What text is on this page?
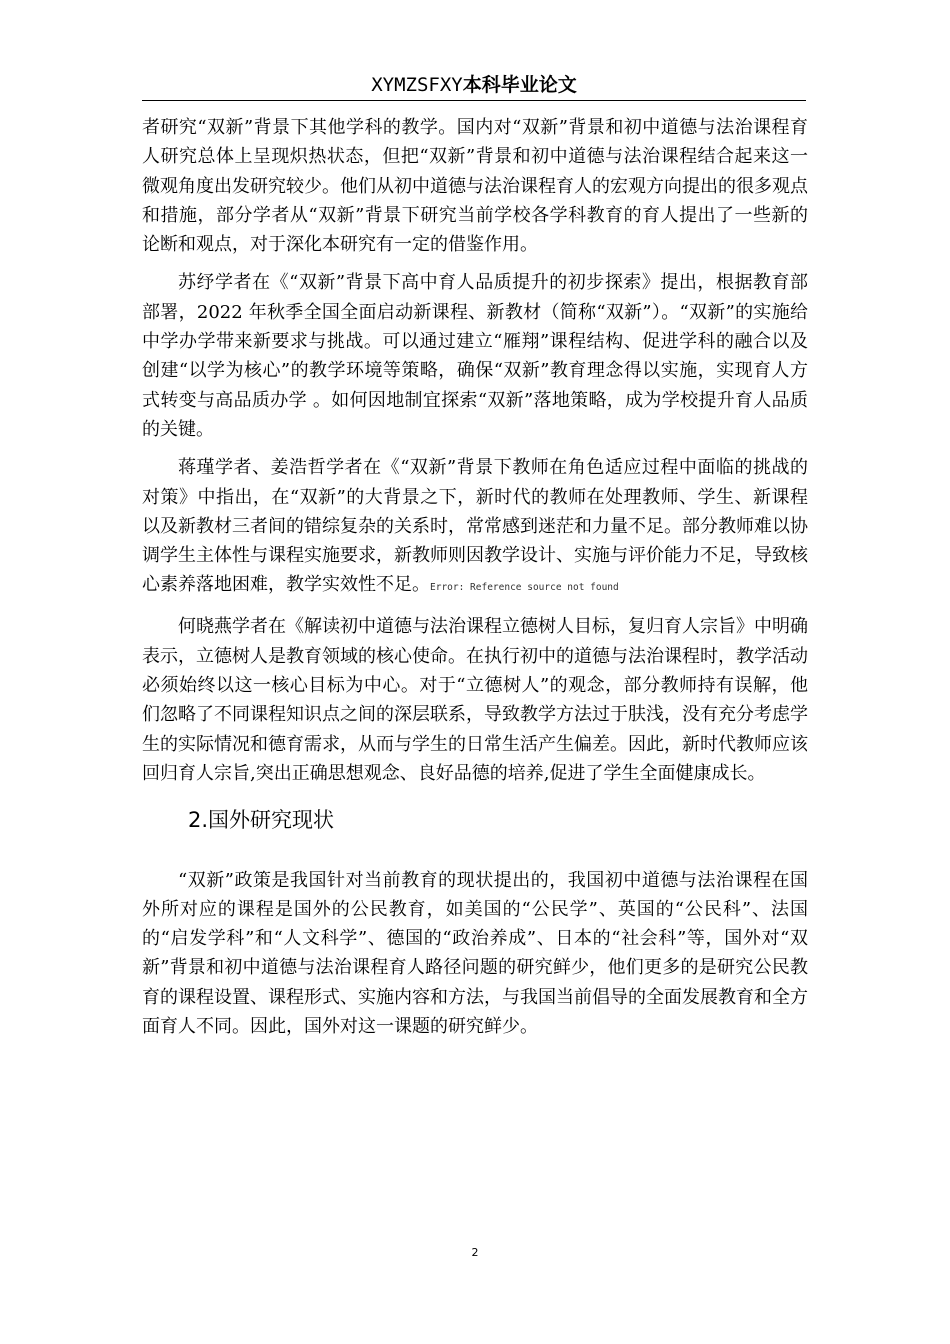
XYMZSFXY本科毕业论文

者研究“双新”背景下其他学科的教学。国内对“双新”背景和初中道德与法治课程育人研究总体上呈现炽热状态，但把“双新”背景和初中道德与法治课程结合起来这一微观角度出发研究较少。他们从初中道德与法治课程育人的宏观方向提出的很多观点和措施，部分学者从“双新”背景下研究当前学校各学科教育的育人提出了一些新的论断和观点，对于深化本研究有一定的借鉴作用。

苏纾学者在《“双新”背景下高中育人品质提升的初步探索》提出，根据教育部部署，2022 年秋季全国全面启动新课程、新教材（简称“双新”）。“双新”的实施给中学办学带来新要求与挑战。可以通过建立“雁翔”课程结构、促进学科的融合以及创建“以学为核心”的教学环境等策略，确保“双新”教育理念得以实施，实现育人方式转变与高品质办学 。如何因地制宜探索“双新”落地策略，成为学校提升育人品质的关键。

蒋瑾学者、姜浩哲学者在《“双新”背景下教师在角色适应过程中面临的挑战的对策》中指出，在“双新”的大背景之下，新时代的教师在处理教师、学生、新课程以及新教材三者间的错综复杂的关系时，常常感到迷茫和力量不足。部分教师难以协调学生主体性与课程实施要求，新教师则因教学设计、实施与评价能力不足，导致核心素养落地困难，教学实效性不足。Error: Reference source not found

何晓燕学者在《解读初中道德与法治课程立德树人目标，复归育人宗旨》中明确表示，立德树人是教育领域的核心使命。在执行初中的道德与法治课程时，教学活动必须始终以这一核心目标为中心。对于“立德树人”的观念，部分教师持有误解，他们忽略了不同课程知识点之间的深层联系，导致教学方法过于肤浅，没有充分考虑学生的实际情况和德育需求，从而与学生的日常生活产生偏差。因此，新时代教师应该回归育人宗旨,突出正确思想观念、良好品德的培养,促进了学生全面健康成长。

2.国外研究现状

“双新”政策是我国针对当前教育的现状提出的，我国初中道德与法治课程在国外所对应的课程是国外的公民教育，如美国的“公民学”、英国的“公民科”、法国的“启发学科”和“人文科学”、德国的“政治养成”、日本的“社会科”等，国外对“双新”背景和初中道德与法治课程育人路径问题的研究鲜少，他们更多的是研究公民教育的课程设置、课程形式、实施内容和方法，与我国当前倡导的全面发展教育和全方面育人不同。因此，国外对这一课题的研究鲜少。

2
